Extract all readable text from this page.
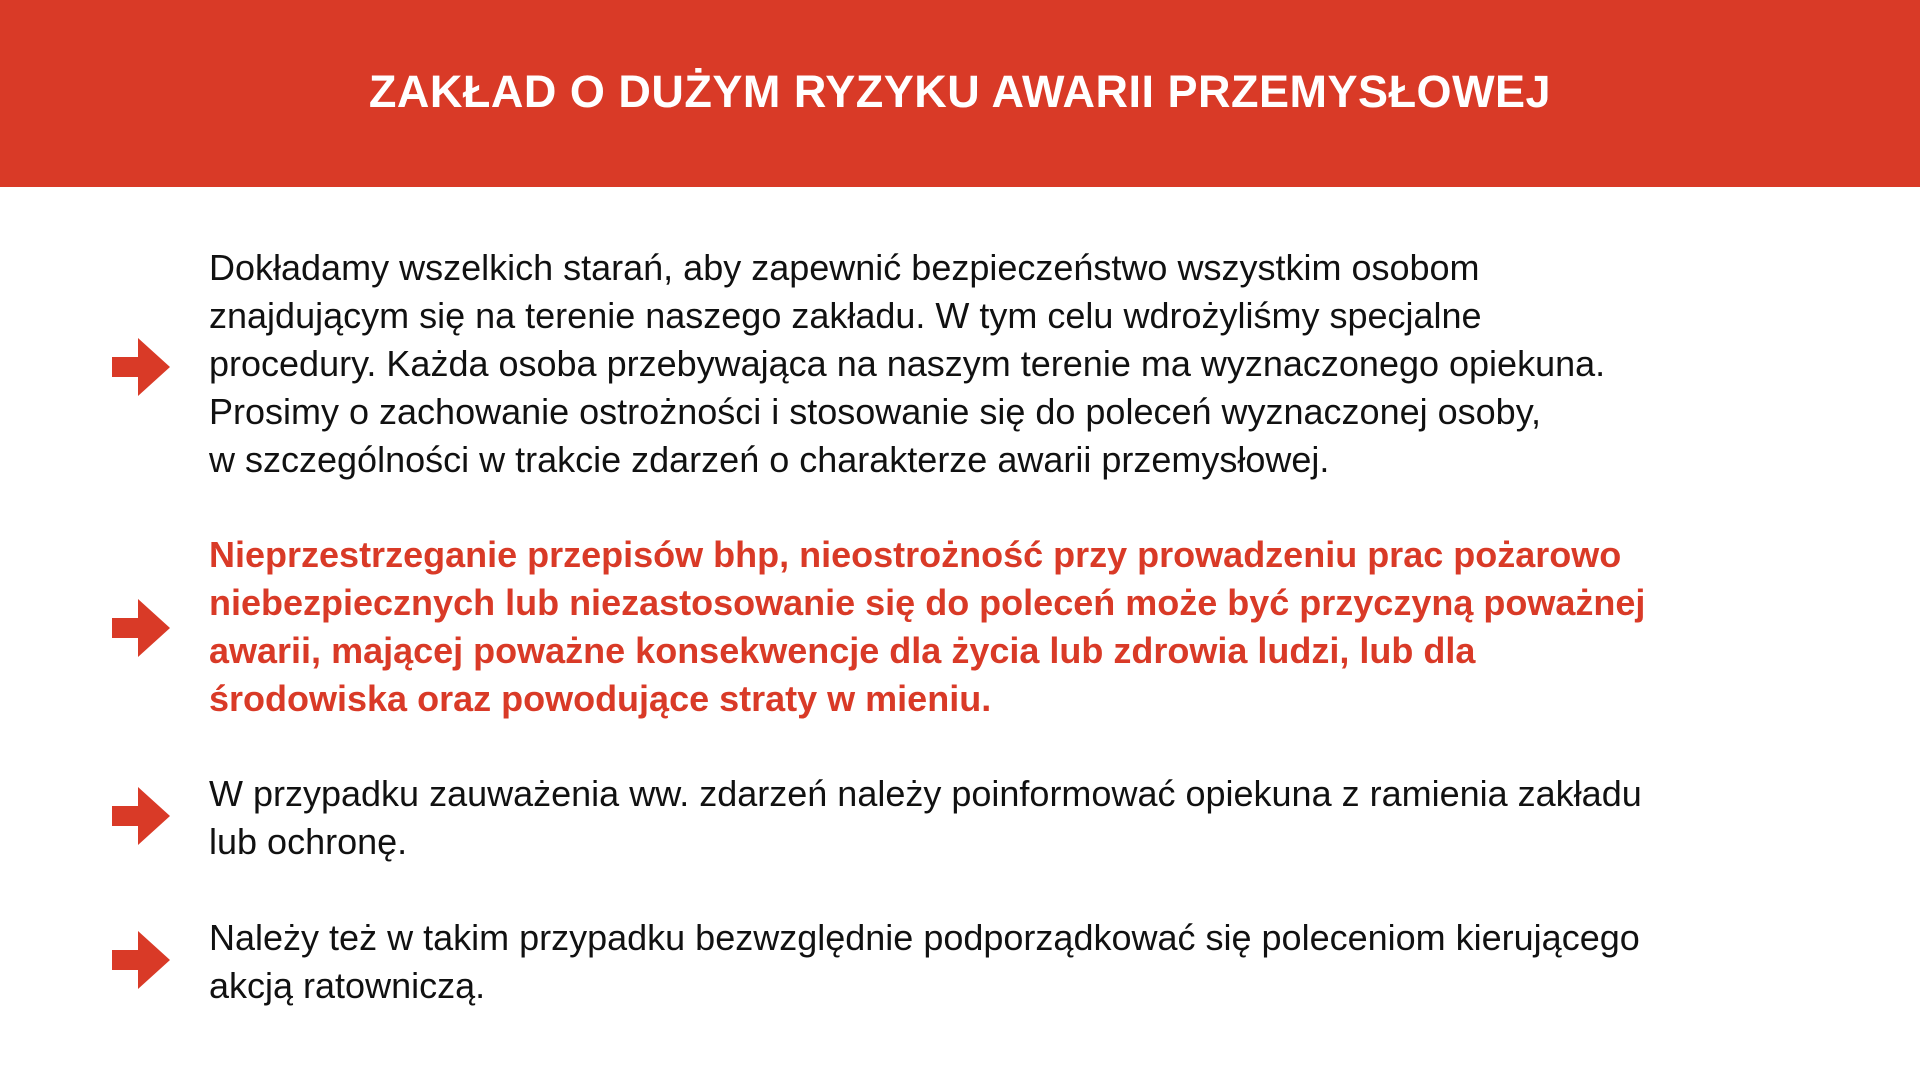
ZAKŁAD O DUŻYM RYZYKU AWARII PRZEMYSŁOWEJ
Dokładamy wszelkich starań, aby zapewnić bezpieczeństwo wszystkim osobom
znajdującym się na terenie naszego zakładu. W tym celu wdrożyliśmy specjalne
procedury. Każda osoba przebywająca na naszym terenie ma wyznaczonego opiekuna.
Prosimy o zachowanie ostrożności i stosowanie się do poleceń wyznaczonej osoby,
w szczególności w trakcie zdarzeń o charakterze awarii przemysłowej.
Nieprzestrzeganie przepisów bhp, nieostrożność przy prowadzeniu prac pożarowo
niebezpiecznych lub niezastosowanie się do poleceń może być przyczyną poważnej
awarii, mającej poważne konsekwencje dla życia lub zdrowia ludzi, lub dla
środowiska oraz powodujące straty w mieniu.
W przypadku zauważenia ww. zdarzeń należy poinformować opiekuna z ramienia zakładu
lub ochronę.
Należy też w takim przypadku bezwzględnie podporządkować się poleceniom kierującego
akcją ratowniczą.
